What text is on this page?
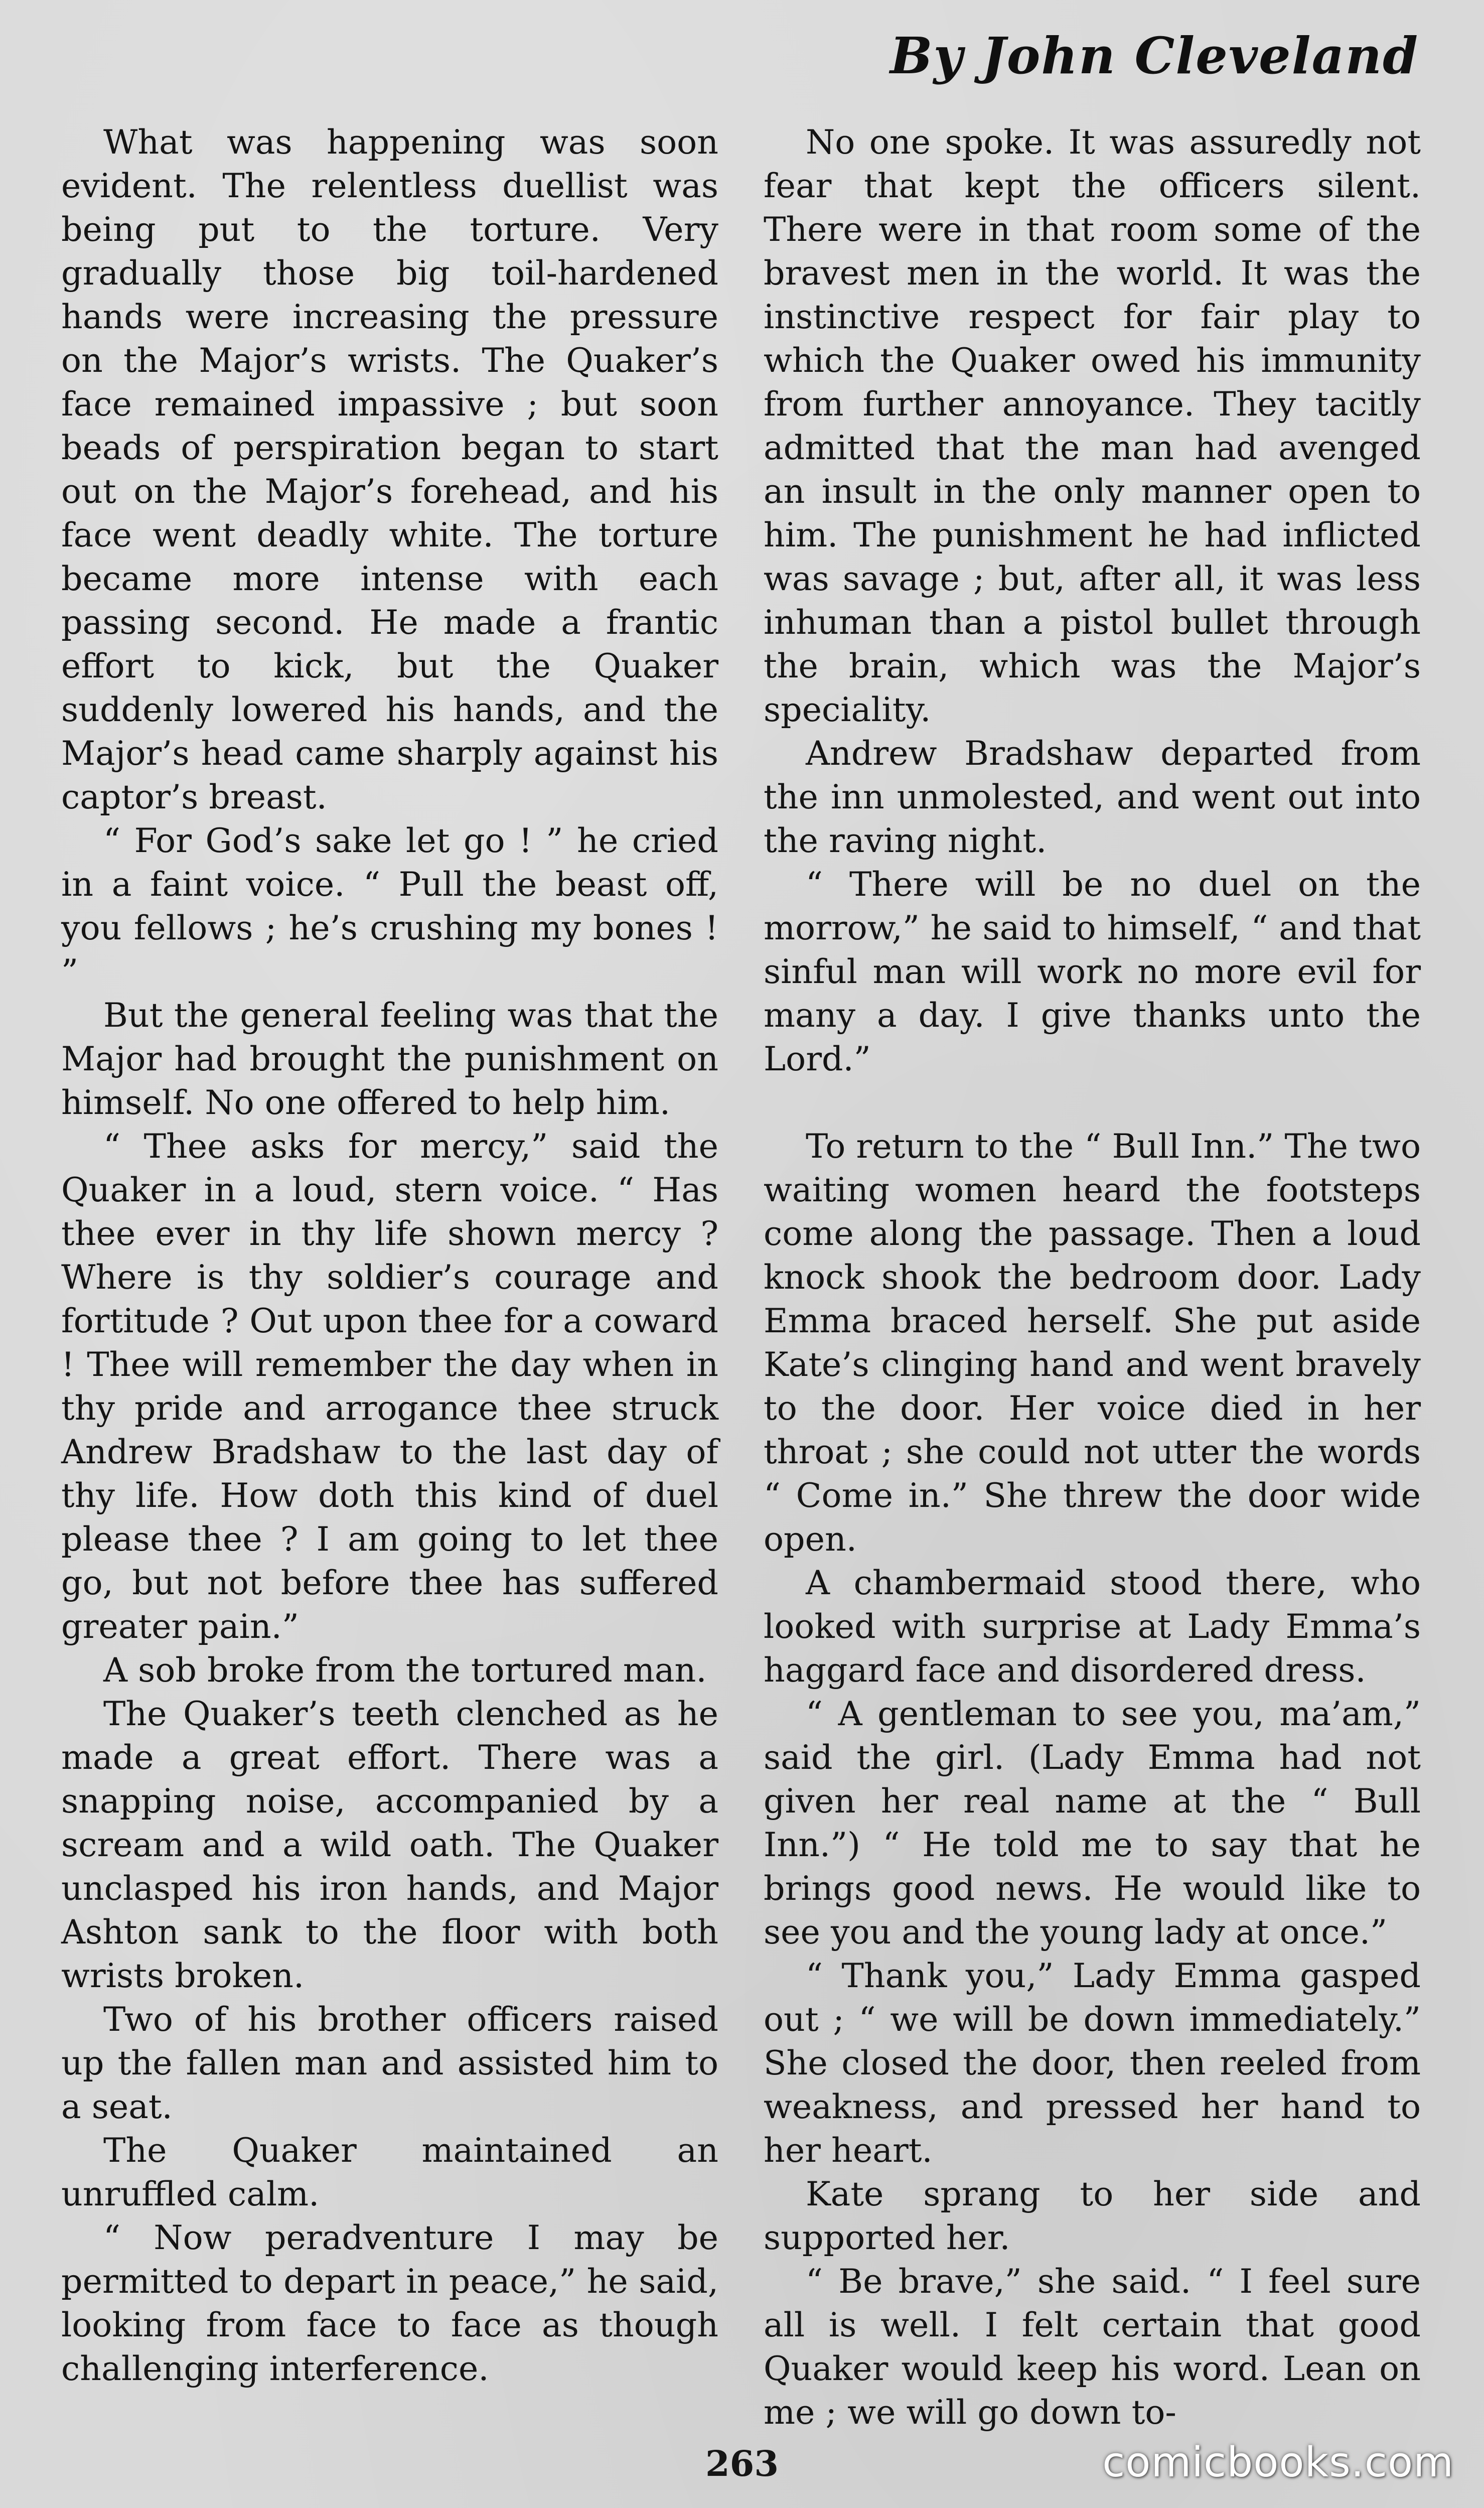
By John Cleveland

What was happening was soon evident. The relentless duellist was being put to the torture. Very gradually those big toil-hardened hands were increasing the pressure on the Major’s wrists. The Quaker’s face remained impassive ; but soon beads of perspiration began to start out on the Major’s forehead, and his face went deadly white. The torture became more intense with each passing second. He made a frantic effort to kick, but the Quaker suddenly lowered his hands, and the Major’s head came sharply against his captor’s breast.

“ For God’s sake let go ! ” he cried in a faint voice. “ Pull the beast off, you fellows ; he’s crushing my bones ! ”

But the general feeling was that the Major had brought the punishment on himself. No one offered to help him.

“ Thee asks for mercy,” said the Quaker in a loud, stern voice. “ Has thee ever in thy life shown mercy ? Where is thy soldier’s courage and fortitude ? Out upon thee for a coward ! Thee will remember the day when in thy pride and arrogance thee struck Andrew Bradshaw to the last day of thy life. How doth this kind of duel please thee ? I am going to let thee go, but not before thee has suffered greater pain.”

A sob broke from the tortured man.

The Quaker’s teeth clenched as he made a great effort. There was a snapping noise, accompanied by a scream and a wild oath. The Quaker unclasped his iron hands, and Major Ashton sank to the floor with both wrists broken.

Two of his brother officers raised up the fallen man and assisted him to a seat.

The Quaker maintained an unruffled calm.

“ Now peradventure I may be permitted to depart in peace,” he said, looking from face to face as though challenging interference.

No one spoke. It was assuredly not fear that kept the officers silent. There were in that room some of the bravest men in the world. It was the instinctive respect for fair play to which the Quaker owed his immunity from further annoyance. They tacitly admitted that the man had avenged an insult in the only manner open to him. The punishment he had inflicted was savage ; but, after all, it was less inhuman than a pistol bullet through the brain, which was the Major’s speciality.

Andrew Bradshaw departed from the inn unmolested, and went out into the raving night.

“ There will be no duel on the morrow,” he said to himself, “ and that sinful man will work no more evil for many a day. I give thanks unto the Lord.”

To return to the “ Bull Inn.” The two waiting women heard the footsteps come along the passage. Then a loud knock shook the bedroom door. Lady Emma braced herself. She put aside Kate’s clinging hand and went bravely to the door. Her voice died in her throat ; she could not utter the words “ Come in.” She threw the door wide open.

A chambermaid stood there, who looked with surprise at Lady Emma’s haggard face and disordered dress.

“ A gentleman to see you, ma’am,” said the girl. (Lady Emma had not given her real name at the “ Bull Inn.”) “ He told me to say that he brings good news. He would like to see you and the young lady at once.”

“ Thank you,” Lady Emma gasped out ; “ we will be down immediately.” She closed the door, then reeled from weakness, and pressed her hand to her heart.

Kate sprang to her side and supported her.

“ Be brave,” she said. “ I feel sure all is well. I felt certain that good Quaker would keep his word. Lean on me ; we will go down to-

263	comicbooks.com
